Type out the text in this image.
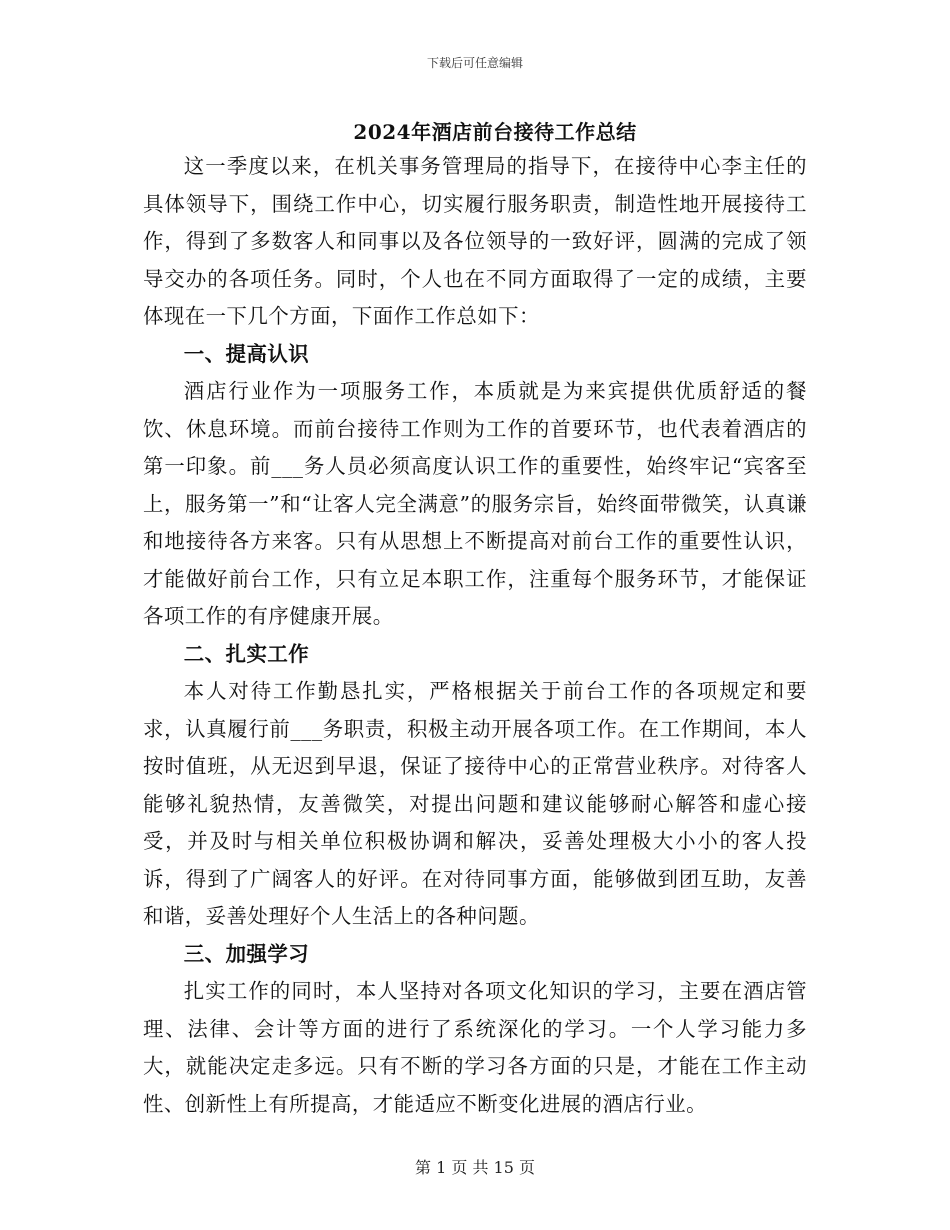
下载后可任意编辑
2024年酒店前台接待工作总结

这一季度以来，在机关事务管理局的指导下，在接待中心李主任的具体领导下，围绕工作中心，切实履行服务职责，制造性地开展接待工作，得到了多数客人和同事以及各位领导的一致好评，圆满的完成了领导交办的各项任务。同时，个人也在不同方面取得了一定的成绩，主要体现在一下几个方面，下面作工作总如下：

一、提高认识

酒店行业作为一项服务工作，本质就是为来宾提供优质舒适的餐饮、休息环境。而前台接待工作则为工作的首要环节，也代表着酒店的第一印象。前___务人员必须高度认识工作的重要性，始终牢记“宾客至上，服务第一”和“让客人完全满意”的服务宗旨，始终面带微笑，认真谦和地接待各方来客。只有从思想上不断提高对前台工作的重要性认识，才能做好前台工作，只有立足本职工作，注重每个服务环节，才能保证各项工作的有序健康开展。

二、扎实工作

本人对待工作勤恳扎实，严格根据关于前台工作的各项规定和要求，认真履行前___务职责，积极主动开展各项工作。在工作期间，本人按时值班，从无迟到早退，保证了接待中心的正常营业秩序。对待客人能够礼貌热情，友善微笑，对提出问题和建议能够耐心解答和虚心接受，并及时与相关单位积极协调和解决，妥善处理极大小小的客人投诉，得到了广阔客人的好评。在对待同事方面，能够做到团互助，友善和谐，妥善处理好个人生活上的各种问题。

三、加强学习

扎实工作的同时，本人坚持对各项文化知识的学习，主要在酒店管理、法律、会计等方面的进行了系统深化的学习。一个人学习能力多大，就能决定走多远。只有不断的学习各方面的只是，才能在工作主动性、创新性上有所提高，才能适应不断变化进展的酒店行业。

第 1 页 共 15 页
